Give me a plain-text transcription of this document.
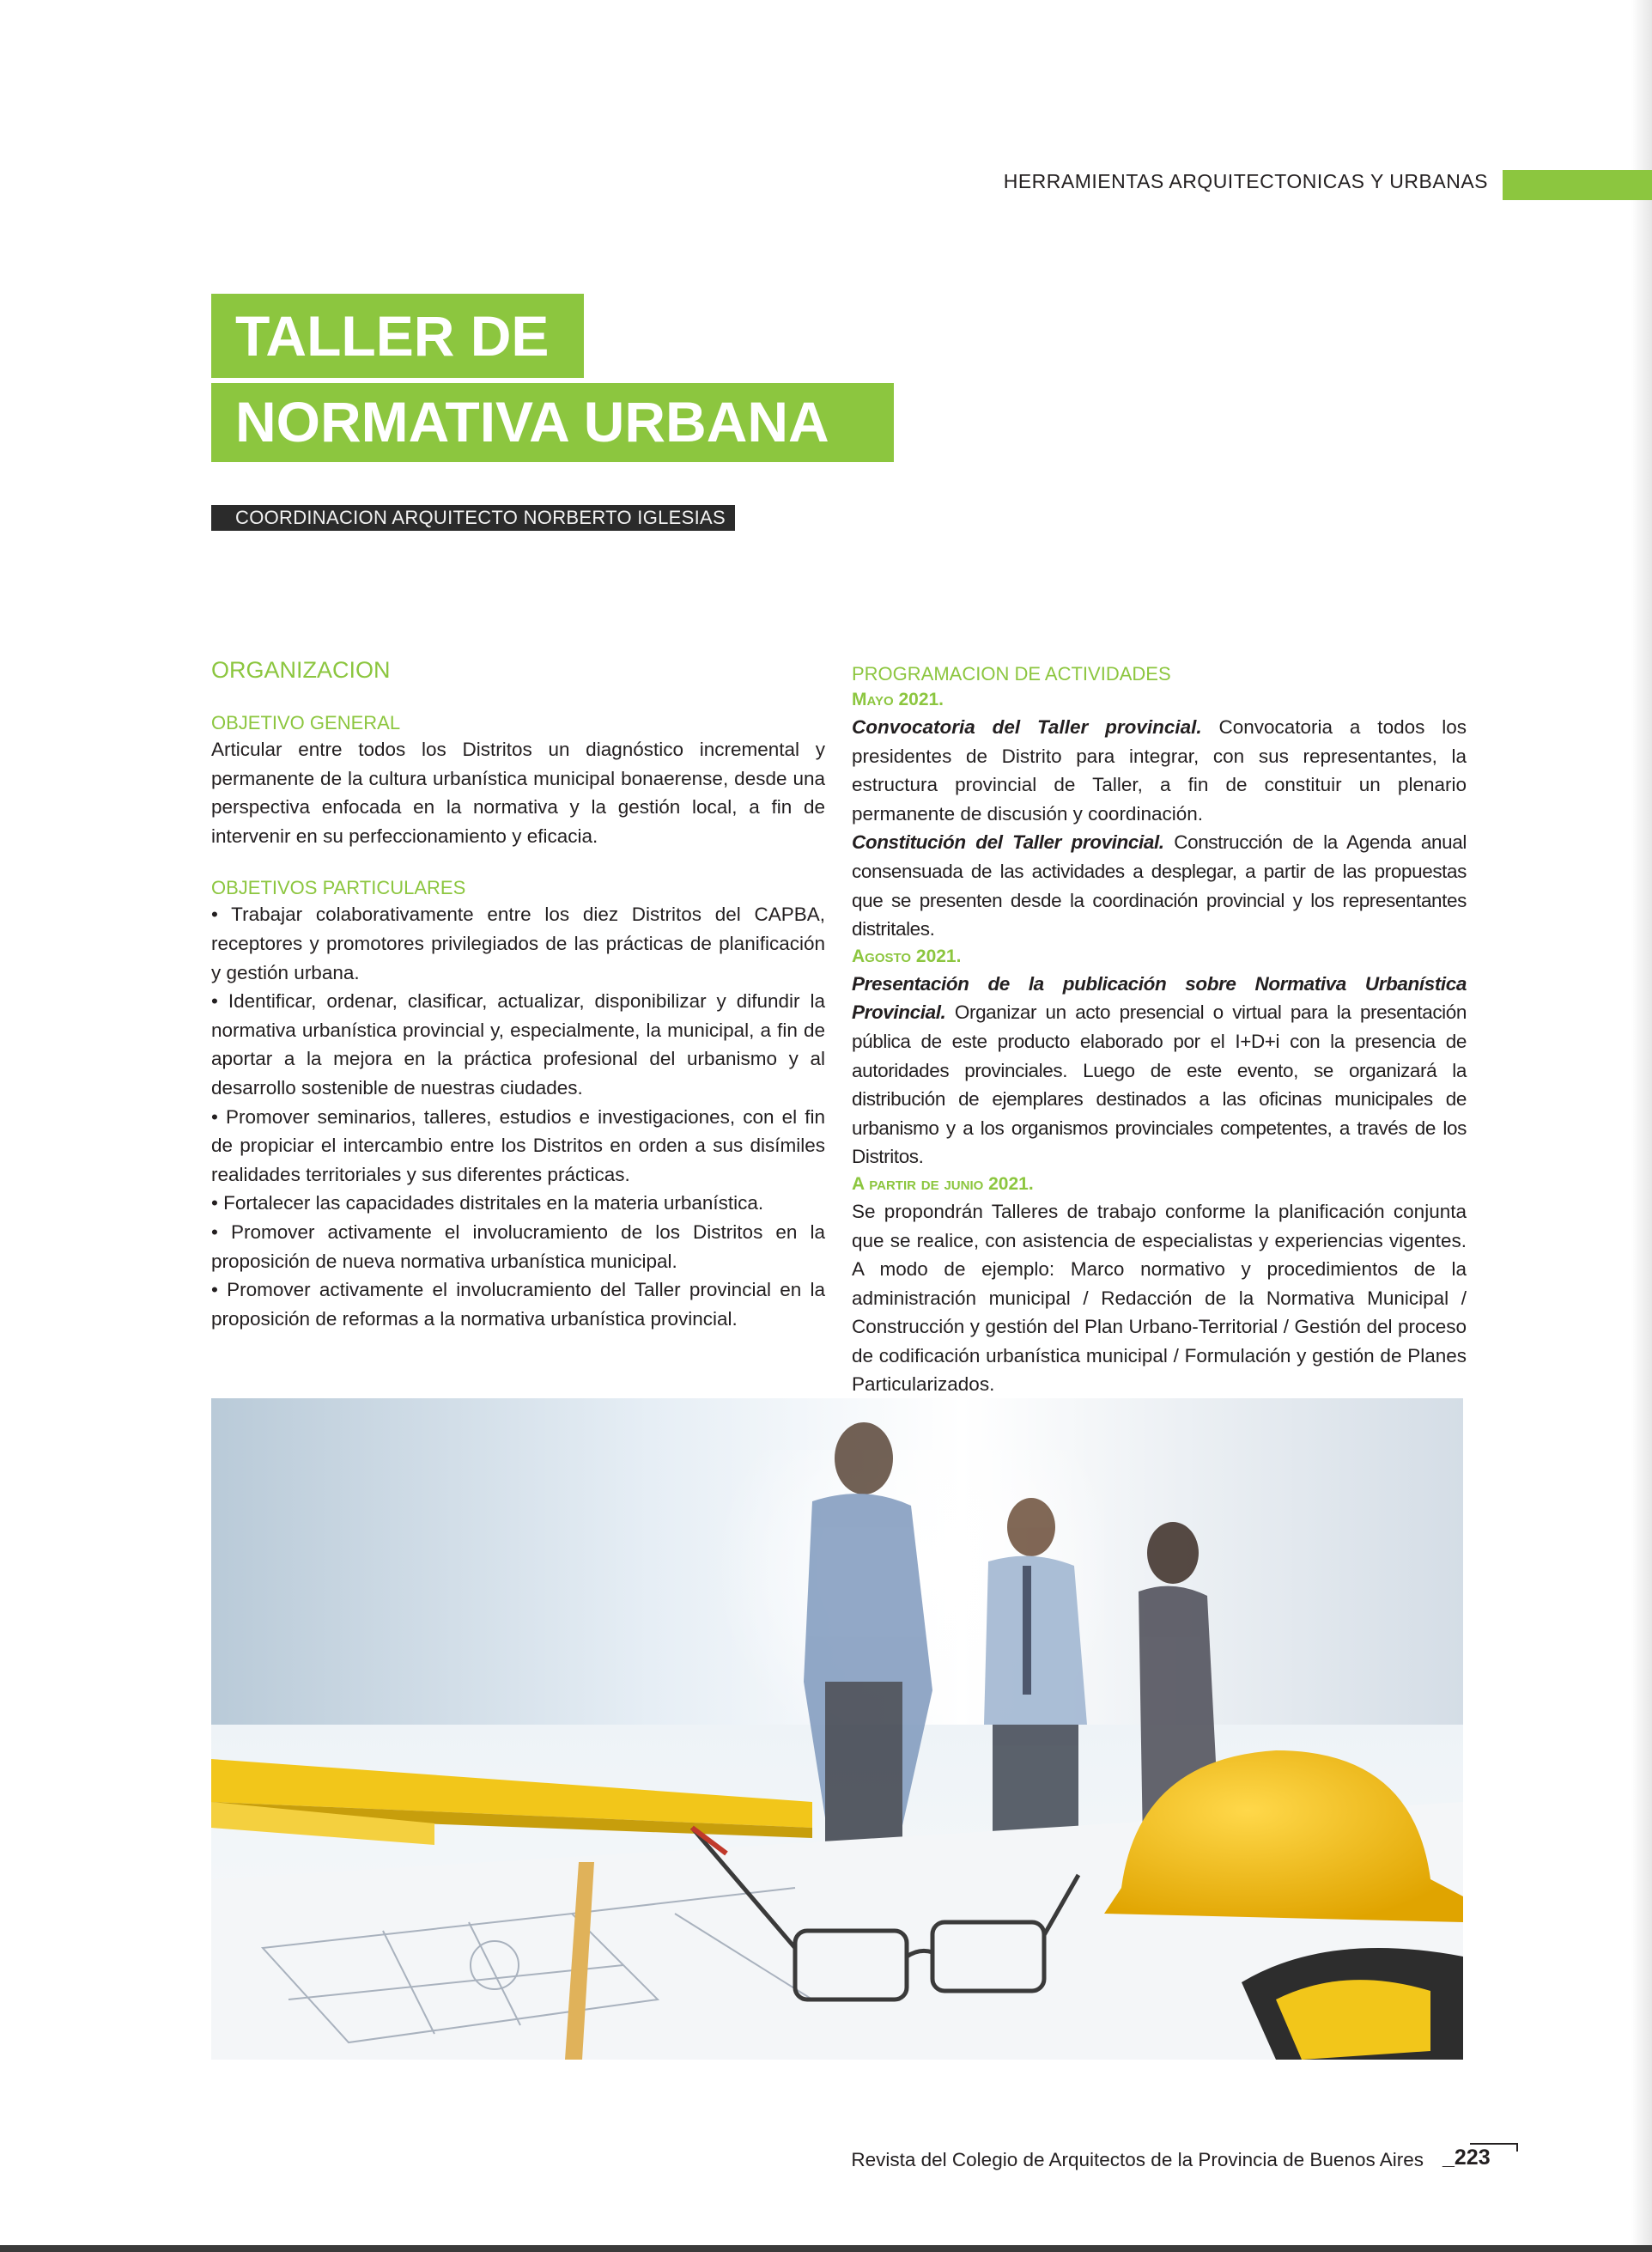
HERRAMIENTAS ARQUITECTONICAS Y URBANAS
TALLER DE
NORMATIVA URBANA
COORDINACION ARQUITECTO NORBERTO IGLESIAS
ORGANIZACION
OBJETIVO GENERAL

Articular entre todos los Distritos un diagnóstico incremental y permanente de la cultura urbanística municipal bonaerense, desde una perspectiva enfocada en la normativa y la gestión local, a fin de intervenir en su perfeccionamiento y eficacia.

OBJETIVOS PARTICULARES

• Trabajar colaborativamente entre los diez Distritos del CAPBA, receptores y promotores privilegiados de las prácticas de planificación y gestión urbana.

• Identificar, ordenar, clasificar, actualizar, disponibilizar y difundir la normativa urbanística provincial y, especialmente, la municipal, a fin de aportar a la mejora en la práctica profesional del urbanismo y al desarrollo sostenible de nuestras ciudades.

• Promover seminarios, talleres, estudios e investigaciones, con el fin de propiciar el intercambio entre los Distritos en orden a sus disímiles realidades territoriales y sus diferentes prácticas.

• Fortalecer las capacidades distritales en la materia urbanística.

• Promover activamente el involucramiento de los Distritos en la proposición de nueva normativa urbanística municipal.

• Promover activamente el involucramiento del Taller provincial en la proposición de reformas a la normativa urbanística provincial.

PROGRAMACION DE ACTIVIDADES
Mayo 2021.

Convocatoria del Taller provincial. Convocatoria a todos los presidentes de Distrito para integrar, con sus representantes, la estructura provincial de Taller, a fin de constituir un plenario permanente de discusión y coordinación.

Constitución del Taller provincial. Construcción de la Agenda anual consensuada de las actividades a desplegar, a partir de las propuestas que se presenten desde la coordinación provincial y los representantes distritales.

Agosto 2021.

Presentación de la publicación sobre Normativa Urbanística Provincial. Organizar un acto presencial o virtual para la presentación pública de este producto elaborado por el I+D+i con la presencia de autoridades provinciales. Luego de este evento, se organizará la distribución de ejemplares destinados a las oficinas municipales de urbanismo y a los organismos provinciales competentes, a través de los Distritos.

A partir de junio 2021.

Se propondrán Talleres de trabajo conforme la planificación conjunta que se realice, con asistencia de especialistas y experiencias vigentes. A modo de ejemplo: Marco normativo y procedimientos de la administración municipal / Redacción de la Normativa Municipal / Construcción y gestión del Plan Urbano-Territorial / Gestión del proceso de codificación urbanística municipal / Formulación y gestión de Planes Particularizados.

Revista del Colegio de Arquitectos de la Provincia de Buenos Aires _223
